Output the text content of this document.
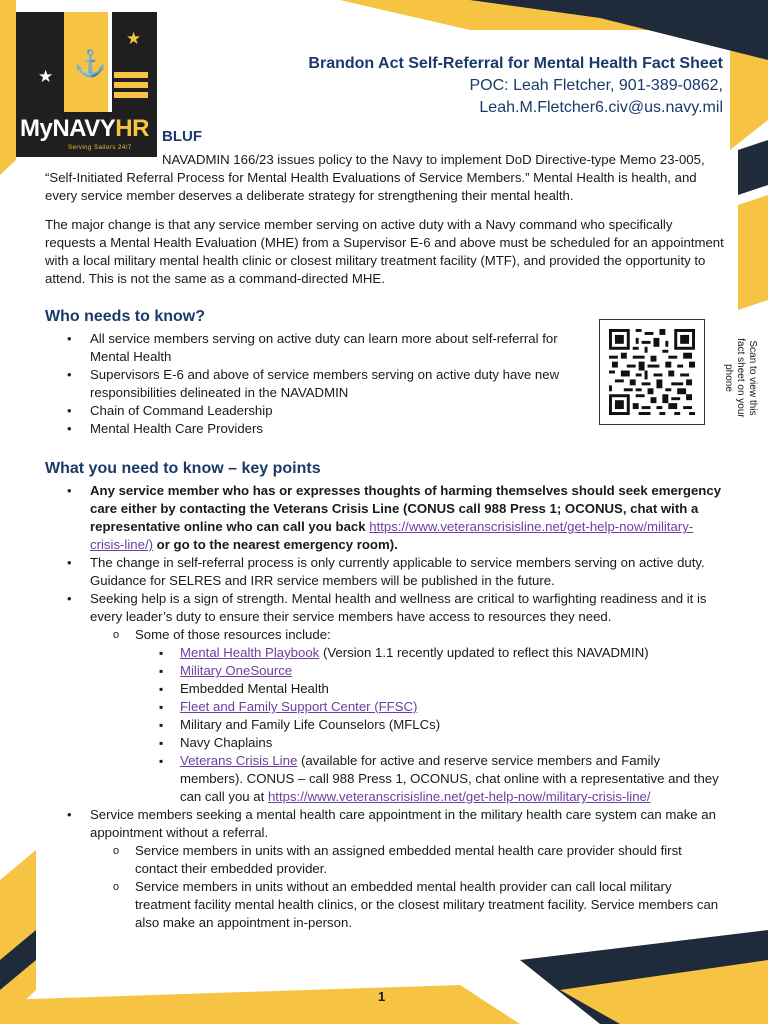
★
★ ⚓
MyNAVYHR
Serving Sailors 24/7
Brandon Act Self-Referral for Mental Health Fact Sheet
POC: Leah Fletcher, 901-389-0862,
Leah.M.Fletcher6.civ@us.navy.mil
BLUF

NAVADMIN 166/23 issues policy to the Navy to implement DoD Directive-type Memo 23-005, “Self-Initiated Referral Process for Mental Health Evaluations of Service Members.” Mental Health is health, and every service member deserves a deliberate strategy for strengthening their mental health.

The major change is that any service member serving on active duty with a Navy command who specifically requests a Mental Health Evaluation (MHE) from a Supervisor E-6 and above must be scheduled for an appointment with a local military mental health clinic or closest military treatment facility (MTF), and provided the opportunity to attend. This is not the same as a command-directed MHE.

Who needs to know?
• All service members serving on active duty can learn more about self-referral for Mental Health
• Supervisors E-6 and above of service members serving on active duty have new responsibilities delineated in the NAVADMIN
• Chain of Command Leadership
• Mental Health Care Providers
Scan to view this fact sheet on your phone
What you need to know – key points
• Any service member who has or expresses thoughts of harming themselves should seek emergency care either by contacting the Veterans Crisis Line (CONUS call 988 Press 1; OCONUS, chat with a representative online who can call you back https://www.veteranscrisisline.net/get-help-now/military-crisis-line/) or go to the nearest emergency room).
• The change in self-referral process is only currently applicable to service members serving on active duty. Guidance for SELRES and IRR service members will be published in the future.
• Seeking help is a sign of strength. Mental health and wellness are critical to warfighting readiness and it is every leader’s duty to ensure their service members have access to resources they need.
o Some of those resources include:
▪ Mental Health Playbook (Version 1.1 recently updated to reflect this NAVADMIN)
▪ Military OneSource
▪ Embedded Mental Health
▪ Fleet and Family Support Center (FFSC)
▪ Military and Family Life Counselors (MFLCs)
▪ Navy Chaplains
▪ Veterans Crisis Line (available for active and reserve service members and Family members). CONUS – call 988 Press 1, OCONUS, chat online with a representative and they can call you at https://www.veteranscrisisline.net/get-help-now/military-crisis-line/
• Service members seeking a mental health care appointment in the military health care system can make an appointment without a referral.
o Service members in units with an assigned embedded mental health care provider should first contact their embedded provider.
o Service members in units without an embedded mental health provider can call local military treatment facility mental health clinics, or the closest military treatment facility. Service members can also make an appointment in-person.
1
